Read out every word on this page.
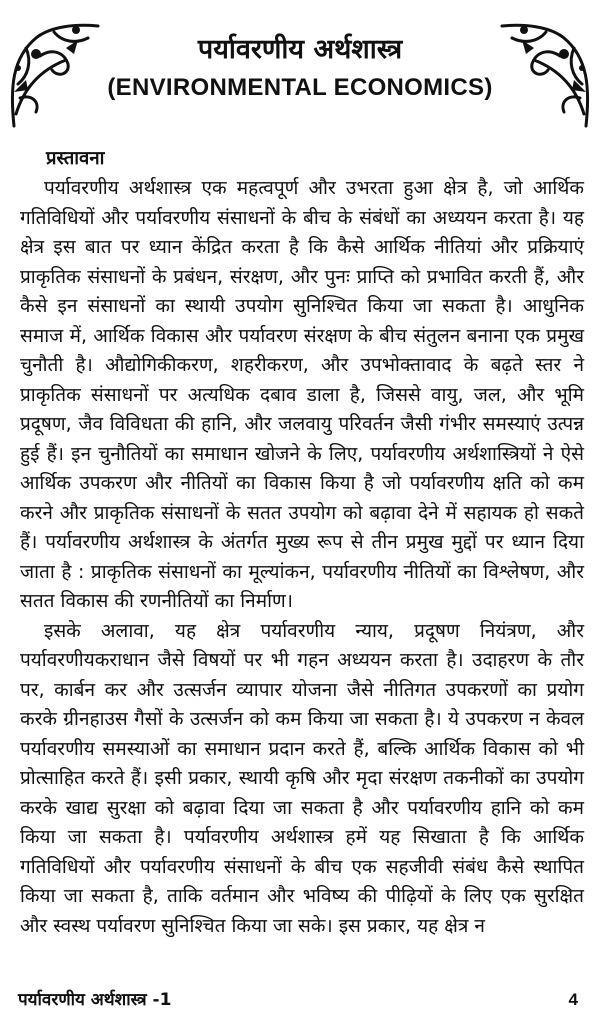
पर्यावरणीय अर्थशास्त्र
(ENVIRONMENTAL ECONOMICS)
प्रस्तावना

पर्यावरणीय अर्थशास्त्र एक महत्वपूर्ण और उभरता हुआ क्षेत्र है, जो आर्थिक गतिविधियों और पर्यावरणीय संसाधनों के बीच के संबंधों का अध्ययन करता है। यह क्षेत्र इस बात पर ध्यान केंद्रित करता है कि कैसे आर्थिक नीतियां और प्रक्रियाएं प्राकृतिक संसाधनों के प्रबंधन, संरक्षण, और पुनः प्राप्ति को प्रभावित करती हैं, और कैसे इन संसाधनों का स्थायी उपयोग सुनिश्चित किया जा सकता है। आधुनिक समाज में, आर्थिक विकास और पर्यावरण संरक्षण के बीच संतुलन बनाना एक प्रमुख चुनौती है। औद्योगिकीकरण, शहरीकरण, और उपभोक्तावाद के बढ़ते स्तर ने प्राकृतिक संसाधनों पर अत्यधिक दबाव डाला है, जिससे वायु, जल, और भूमि प्रदूषण, जैव विविधता की हानि, और जलवायु परिवर्तन जैसी गंभीर समस्याएं उत्पन्न हुई हैं। इन चुनौतियों का समाधान खोजने के लिए, पर्यावरणीय अर्थशास्त्रियों ने ऐसे आर्थिक उपकरण और नीतियों का विकास किया है जो पर्यावरणीय क्षति को कम करने और प्राकृतिक संसाधनों के सतत उपयोग को बढ़ावा देने में सहायक हो सकते हैं। पर्यावरणीय अर्थशास्त्र के अंतर्गत मुख्य रूप से तीन प्रमुख मुद्दों पर ध्यान दिया जाता है : प्राकृतिक संसाधनों का मूल्यांकन, पर्यावरणीय नीतियों का विश्लेषण, और सतत विकास की रणनीतियों का निर्माण।

इसके अलावा, यह क्षेत्र पर्यावरणीय न्याय, प्रदूषण नियंत्रण, और पर्यावरणीयकराधान जैसे विषयों पर भी गहन अध्ययन करता है। उदाहरण के तौर पर, कार्बन कर और उत्सर्जन व्यापार योजना जैसे नीतिगत उपकरणों का प्रयोग करके ग्रीनहाउस गैसों के उत्सर्जन को कम किया जा सकता है। ये उपकरण न केवल पर्यावरणीय समस्याओं का समाधान प्रदान करते हैं, बल्कि आर्थिक विकास को भी प्रोत्साहित करते हैं। इसी प्रकार, स्थायी कृषि और मृदा संरक्षण तकनीकों का उपयोग करके खाद्य सुरक्षा को बढ़ावा दिया जा सकता है और पर्यावरणीय हानि को कम किया जा सकता है। पर्यावरणीय अर्थशास्त्र हमें यह सिखाता है कि आर्थिक गतिविधियों और पर्यावरणीय संसाधनों के बीच एक सहजीवी संबंध कैसे स्थापित किया जा सकता है, ताकि वर्तमान और भविष्य की पीढ़ियों के लिए एक सुरक्षित और स्वस्थ पर्यावरण सुनिश्चित किया जा सके। इस प्रकार, यह क्षेत्र न

पर्यावरणीय अर्थशास्त्र -1	4
